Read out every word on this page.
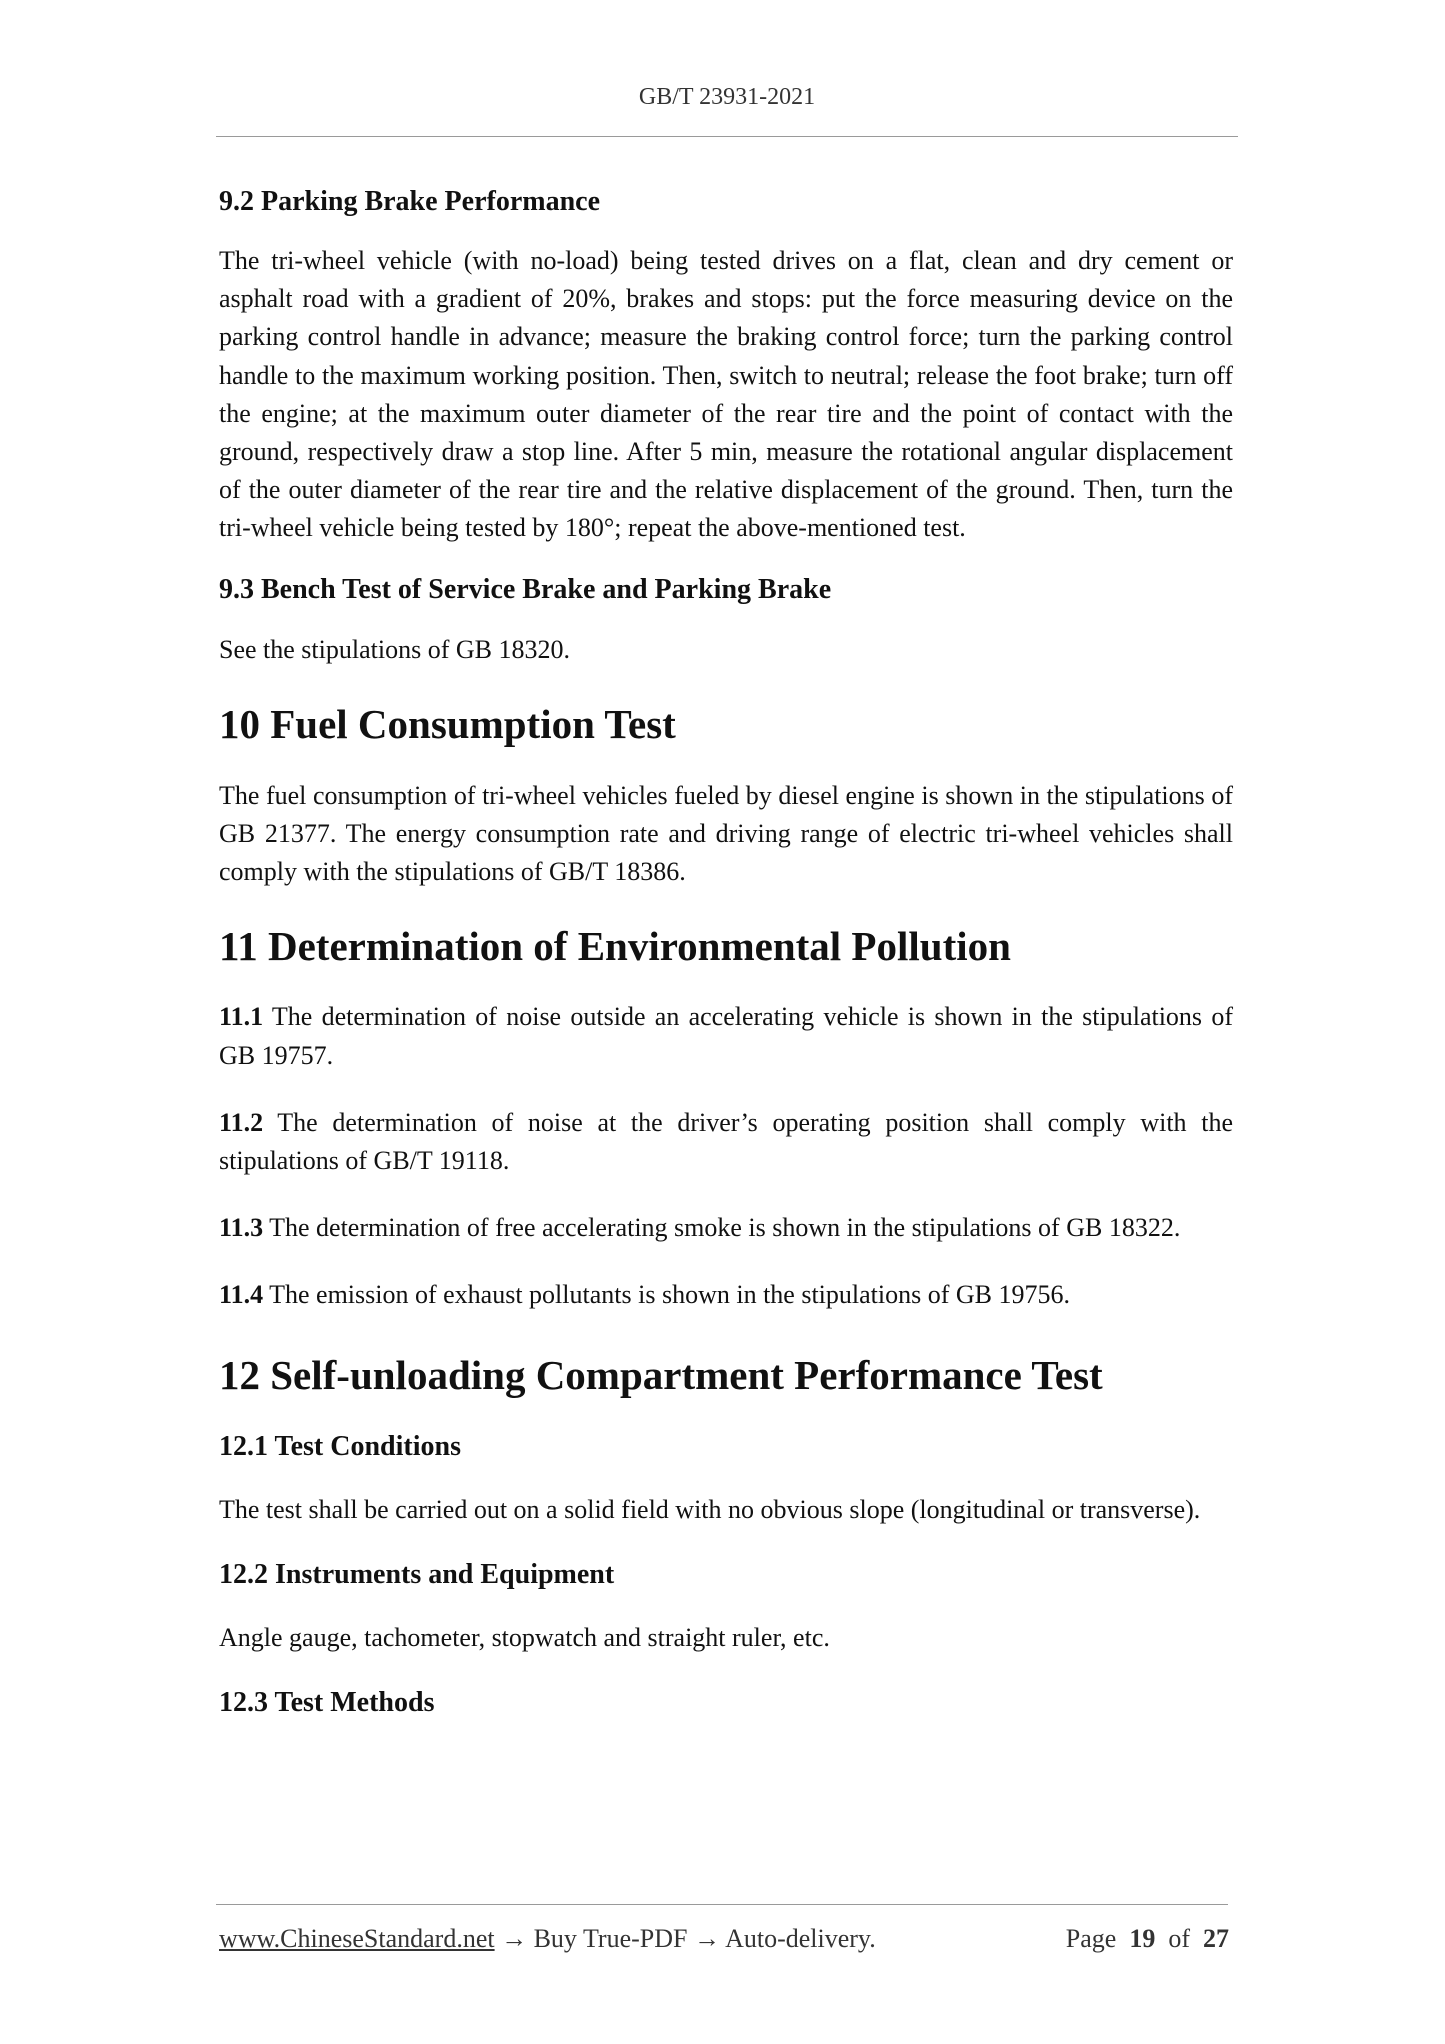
GB/T 23931-2021
9.2 Parking Brake Performance

The tri-wheel vehicle (with no-load) being tested drives on a flat, clean and dry cement or asphalt road with a gradient of 20%, brakes and stops: put the force measuring device on the parking control handle in advance; measure the braking control force; turn the parking control handle to the maximum working position. Then, switch to neutral; release the foot brake; turn off the engine; at the maximum outer diameter of the rear tire and the point of contact with the ground, respectively draw a stop line. After 5 min, measure the rotational angular displacement of the outer diameter of the rear tire and the relative displacement of the ground. Then, turn the tri-wheel vehicle being tested by 180°; repeat the above-mentioned test.

9.3 Bench Test of Service Brake and Parking Brake

See the stipulations of GB 18320.

10 Fuel Consumption Test

The fuel consumption of tri-wheel vehicles fueled by diesel engine is shown in the stipulations of GB 21377. The energy consumption rate and driving range of electric tri-wheel vehicles shall comply with the stipulations of GB/T 18386.

11 Determination of Environmental Pollution

11.1 The determination of noise outside an accelerating vehicle is shown in the stipulations of GB 19757.

11.2 The determination of noise at the driver’s operating position shall comply with the stipulations of GB/T 19118.

11.3 The determination of free accelerating smoke is shown in the stipulations of GB 18322.

11.4 The emission of exhaust pollutants is shown in the stipulations of GB 19756.

12 Self-unloading Compartment Performance Test
12.1 Test Conditions

The test shall be carried out on a solid field with no obvious slope (longitudinal or transverse).

12.2 Instruments and Equipment

Angle gauge, tachometer, stopwatch and straight ruler, etc.

12.3 Test Methods
www.ChineseStandard.net → Buy True-PDF → Auto-delivery.	Page 19 of 27
